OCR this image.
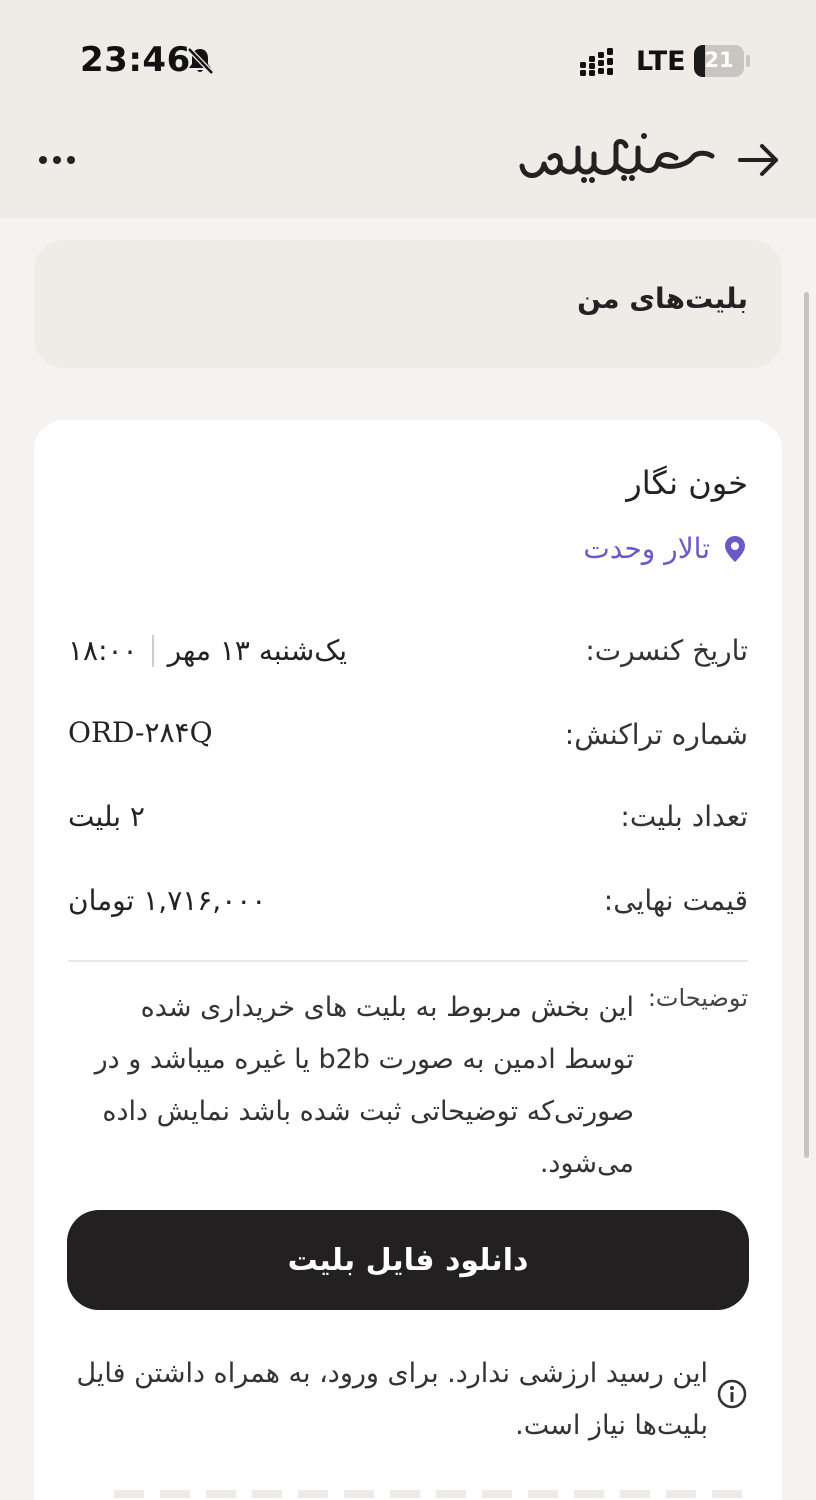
23:46	LTE 21
بلیت‌های من
خون نگار
تالار وحدت
تاریخ کنسرت:
۱۸:۰۰ یک‌شنبه ۱۳ مهر
شماره تراکنش:
ORD-۲۸۴Q
تعداد بلیت:
۲ بلیت
قیمت نهایی:
۱,۷۱۶,۰۰۰ تومان
توضیحات:

این بخش مربوط به بلیت های خریداری شده توسط ادمین به صورت b2b یا غیره میباشد و در صورتی‌که توضیحاتی ثبت شده باشد نمایش داده می‌شود.

دانلود فایل بلیت

این رسید ارزشی ندارد. برای ورود، به همراه داشتن فایل بلیت‌ها نیاز است.
